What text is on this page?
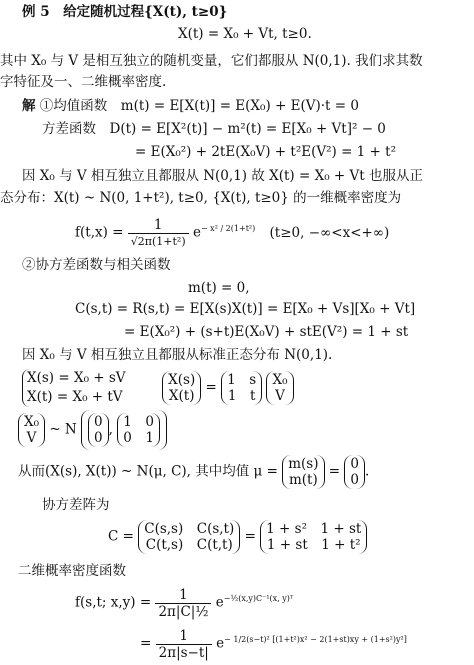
例 5　给定随机过程{X(t), t≥0}
X(t) = X₀ + Vt, t≥0.
其中 X₀ 与 V 是相互独立的随机变量，它们都服从 N(0,1). 我们求其数
字特征及一、二维概率密度.
解 ①均值函数　m(t) = E[X(t)] = E(X₀) + E(V)·t = 0
方差函数　D(t) = E[X²(t)] − m²(t) = E[X₀ + Vt]² − 0
= E(X₀²) + 2tE(X₀V) + t²E(V²) = 1 + t²
因 X₀ 与 V 相互独立且都服从 N(0,1) 故 X(t) = X₀ + Vt 也服从正
态分布：X(t) ~ N(0, 1+t²), t≥0, {X(t), t≥0} 的一维概率密度为
$f(t,x) = \frac{1}{\text{√2π(1+t²)}} e^{- x^2 / 2(1+t^2)}$ (t≥0, −∞<x<+∞)
②协方差函数与相关函数
m(t) = 0,
C(s,t) = R(s,t) = E[X(s)X(t)] = E[X₀ + Vs][X₀ + Vt]
= E(X₀²) + (s+t)E(X₀V) + stE(V²) = 1 + st
因 X₀ 与 V 相互独立且都服从标准正态分布 N(0,1).
X(s) = X₀ + sV
X(t) = X₀ + tV

X(s)
X(t)
= 1　s
1　t

X₀
V
X₀
V
~ N 0
0
, 1　0
0　1
从而(X(s), X(t)) ~ N(μ, C), 其中均值 μ = m(s)
m(t)
= 0
0
.
协方差阵为
C = C(s,s)　C(s,t)
C(t,s)　C(t,t)
= 1 + s²　1 + st
1 + st　1 + t²
二维概率密度函数
f(s,t; $x,y) = \frac{1}{\text{2π|C|½}} e^{-\frac{1}{2}(x,y)C^{-1}(x, y)ᵀ}$
= $\frac{1}{2\pi|s-t|} e^{- 1/2(s-t)^2 [(1+t^2)x^2 - 2(1+st)xy + (1+s^2)y^2]}$
